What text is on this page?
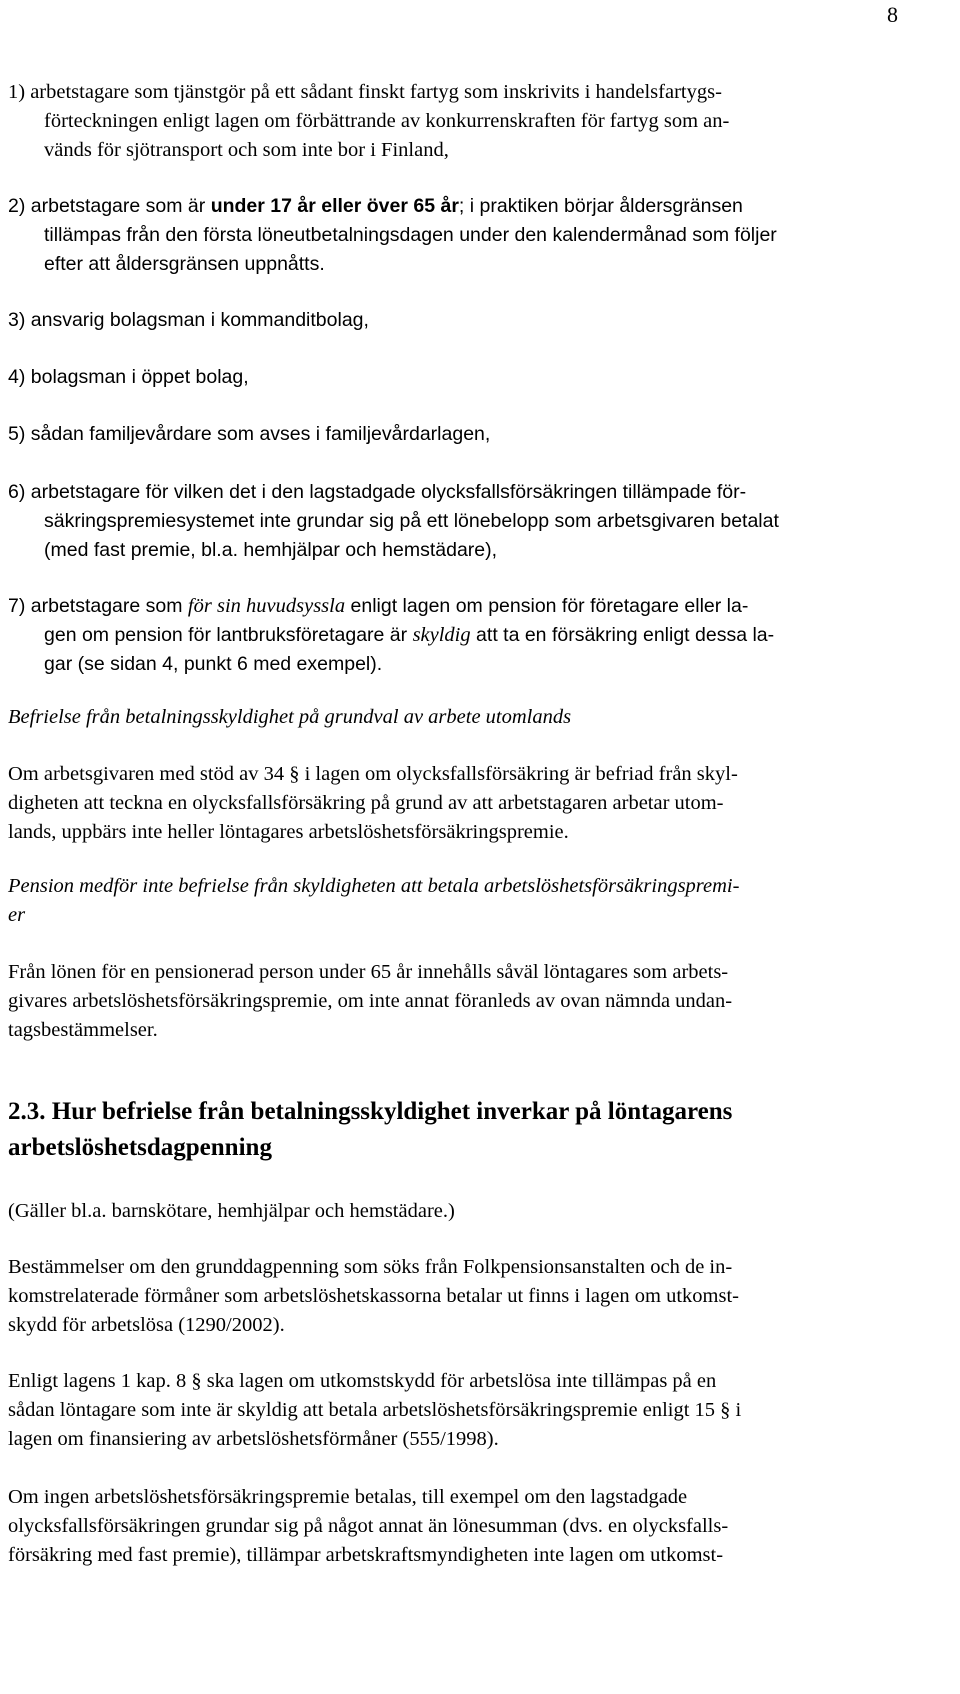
8
1) arbetstagare som tjänstgör på ett sådant finskt fartyg som inskrivits i handelsfartygs-
förteckningen enligt lagen om förbättrande av konkurrenskraften för fartyg som an-
vänds för sjötransport och som inte bor i Finland,
2) arbetstagare som är under 17 år eller över 65 år; i praktiken börjar åldersgränsen
tillämpas från den första löneutbetalningsdagen under den kalendermånad som följer
efter att åldersgränsen uppnåtts.
3) ansvarig bolagsman i kommanditbolag,
4) bolagsman i öppet bolag,
5) sådan familjevårdare som avses i familjevårdarlagen,
6) arbetstagare för vilken det i den lagstadgade olycksfallsförsäkringen tillämpade för-
säkringspremiesystemet inte grundar sig på ett lönebelopp som arbetsgivaren betalat
(med fast premie, bl.a. hemhjälpar och hemstädare),
7) arbetstagare som för sin huvudsyssla enligt lagen om pension för företagare eller la-
gen om pension för lantbruksföretagare är skyldig att ta en försäkring enligt dessa la-
gar (se sidan 4, punkt 6 med exempel).
Befrielse från betalningsskyldighet på grundval av arbete utomlands
Om arbetsgivaren med stöd av 34 § i lagen om olycksfallsförsäkring är befriad från skyl-
digheten att teckna en olycksfallsförsäkring på grund av att arbetstagaren arbetar utom-
lands, uppbärs inte heller löntagares arbetslöshetsförsäkringspremie.
Pension medför inte befrielse från skyldigheten att betala arbetslöshetsförsäkringspremi-
er
Från lönen för en pensionerad person under 65 år innehålls såväl löntagares som arbets-
givares arbetslöshetsförsäkringspremie, om inte annat föranleds av ovan nämnda undan-
tagsbestämmelser.
2.3. Hur befrielse från betalningsskyldighet inverkar på löntagarens
arbetslöshetsdagpenning
(Gäller bl.a. barnskötare, hemhjälpar och hemstädare.)
Bestämmelser om den grunddagpenning som söks från Folkpensionsanstalten och de in-
komstrelaterade förmåner som arbetslöshetskassorna betalar ut finns i lagen om utkomst-
skydd för arbetslösa (1290/2002).
Enligt lagens 1 kap. 8 § ska lagen om utkomstskydd för arbetslösa inte tillämpas på en
sådan löntagare som inte är skyldig att betala arbetslöshetsförsäkringspremie enligt 15 § i
lagen om finansiering av arbetslöshetsförmåner (555/1998).
Om ingen arbetslöshetsförsäkringspremie betalas, till exempel om den lagstadgade
olycksfallsförsäkringen grundar sig på något annat än lönesumman (dvs. en olycksfalls-
försäkring med fast premie), tillämpar arbetskraftsmyndigheten inte lagen om utkomst-
